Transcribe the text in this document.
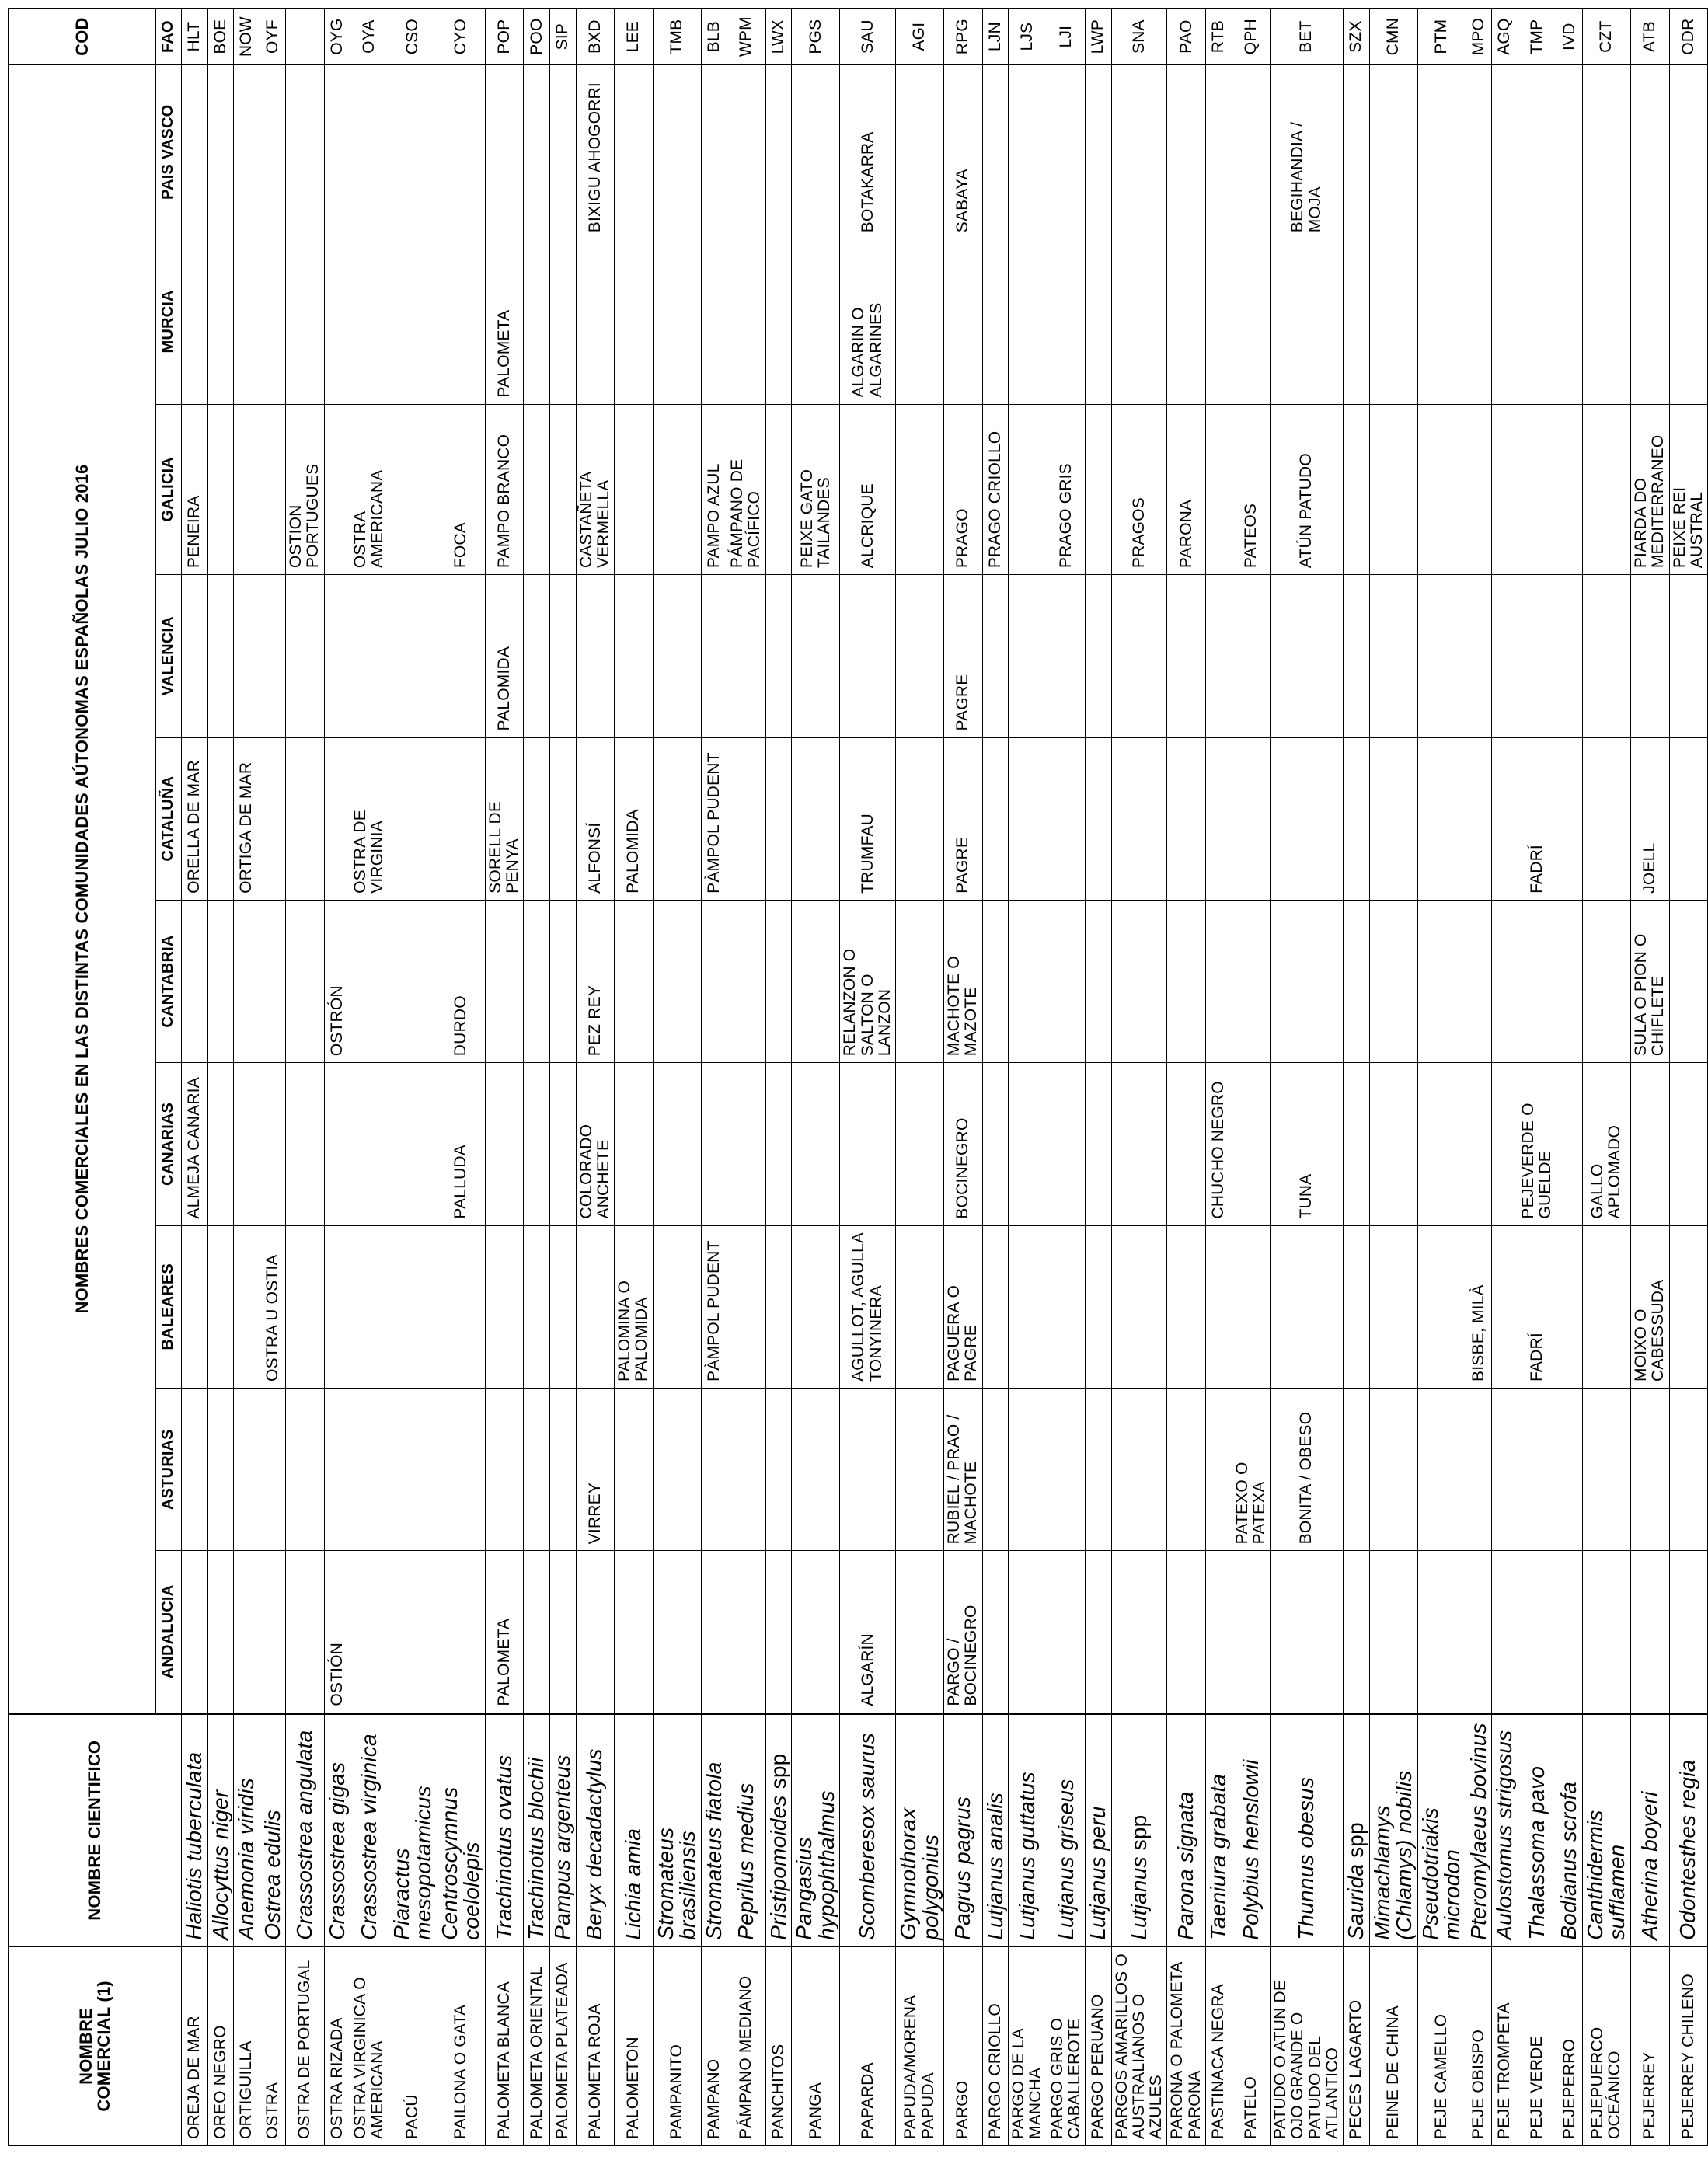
NOMBRE COMERCIAL (1)	NOMBRE CIENTIFICO	NOMBRES COMERCIALES EN LAS DISTINTAS COMUNIDADES AÚTONOMAS ESPAÑOLAS JULIO 2016										COD
		ANDALUCIA	ASTURIAS	BALEARES	CANARIAS	CANTABRIA	CATALUÑA	VALENCIA	GALICIA	MURCIA	PAIS VASCO	FAO
OREJA DE MAR	Haliotis tuberculata				ALMEJA CANARIA		ORELLA DE MAR		PENEIRA			HLT
OREO NEGRO	Allocyttus niger											BOE
ORTIGUILLA	Anemonia viridis						ORTIGA DE MAR					NOW
OSTRA	Ostrea edulis			OSTRA U OSTIA								OYF
OSTRA DE PORTUGAL	Crassostrea angulata								OSTION PORTUGUES			
OSTRA RIZADA	Crassostrea gigas	OSTIÓN				OSTRÓN						OYG
OSTRA VIRGINICA O AMERICANA	Crassostrea virginica						OSTRA DE VIRGINIA		OSTRA AMERICANA			OYA
PACÚ	Piaractus mesopotamicus											CSO
PAILONA O GATA	Centroscymnus coelolepis				PALLUDA	DURDO			FOCA			CYO
PALOMETA BLANCA	Trachinotus ovatus	PALOMETA					SORELL DE PENYA	PALOMIDA	PAMPO BRANCO	PALOMETA		POP
PALOMETA ORIENTAL	Trachinotus blochii											POO
PALOMETA PLATEADA	Pampus argenteus											SIP
PALOMETA ROJA	Beryx decadactylus		VIRREY		COLORADO ANCHETE	PEZ REY	ALFONSÍ		CASTAÑETA VERMELLA		BIXIGU AHOGORRI	BXD
PALOMETON	Lichia amia			PALOMINA O PALOMIDA			PALOMIDA					LEE
PAMPANITO	Stromateus brasiliensis											TMB
PAMPANO	Stromateus fiatola			PÀMPOL PUDENT			PÀMPOL PUDENT		PAMPO AZUL			BLB
PÁMPANO MEDIANO	Peprilus medius								PÁMPANO DE PACÍFICO			WPM
PANCHITOS	Pristipomoides spp											LWX
PANGA	Pangasius hypophthalmus								PEIXE GATO TAILANDES			PGS
PAPARDA	Scomberesox saurus	ALGARÍN		AGULLOT, AGULLA TONYINERA		RELANZON O SALTON O LANZON	TRUMFAU		ALCRIQUE	ALGARIN O ALGARINES	BOTAKARRA	SAU
PAPUDA/MORENA PAPUDA	Gymnothorax polygonius											AGI
PARGO	Pagrus pagrus	PARGO / BOCINEGRO	RUBIEL / PRAO / MACHOTE	PAGUERA O PAGRE	BOCINEGRO	MACHOTE O MAZOTE	PAGRE	PAGRE	PRAGO		SABAYA	RPG
PARGO CRIOLLO	Lutjanus analis								PRAGO CRIOLLO			LJN
PARGO DE LA MANCHA	Lutjanus guttatus											LJS
PARGO GRIS O CABALLEROTE	Lutjanus griseus								PRAGO GRIS			LJI
PARGO PERUANO	Lutjanus peru											LWP
PARGOS AMARILLOS O AUSTRALIANOS O AZULES	Lutjanus spp								PRAGOS			SNA
PARONA O PALOMETA PARONA	Parona signata								PARONA			PAO
PASTINACA NEGRA	Taeniura grabata				CHUCHO NEGRO							RTB
PATELO	Polybius henslowii		PATEXO O PATEXA						PATEOS			QPH
PATUDO O ATUN DE OJO GRANDE O PATUDO DEL ATLANTICO	Thunnus obesus		BONITA / OBESO		TUNA				ATÚN PATUDO		BEGIHANDIA / MOJA	BET
PECES LAGARTO	Saurida spp											SZX
PEINE DE CHINA	Mimachlamys (Chlamys) nobilis											CMN
PEJE CAMELLO	Pseudotriakis microdon											PTM
PEJE OBISPO	Pteromylaeus bovinus			BISBE, MILÀ								MPO
PEJE TROMPETA	Aulostomus strigosus											AGQ
PEJE VERDE	Thalassoma pavo			FADRÍ	PEJEVERDE O GUELDE		FADRÍ					TMP
PEJEPERRO	Bodianus scrofa											IVD
PEJEPUERCO OCEÁNICO	Canthidermis sufflamen				GALLO APLOMADO							CZT
PEJERREY	Atherina boyeri			MOIXO O CABESSUDA		SULA O PION O CHIFLETE	JOELL		PIARDA DO MEDITERRANEO			ATB
PEJERREY CHILENO	Odontesthes regia								PEIXE REI AUSTRAL			ODR
